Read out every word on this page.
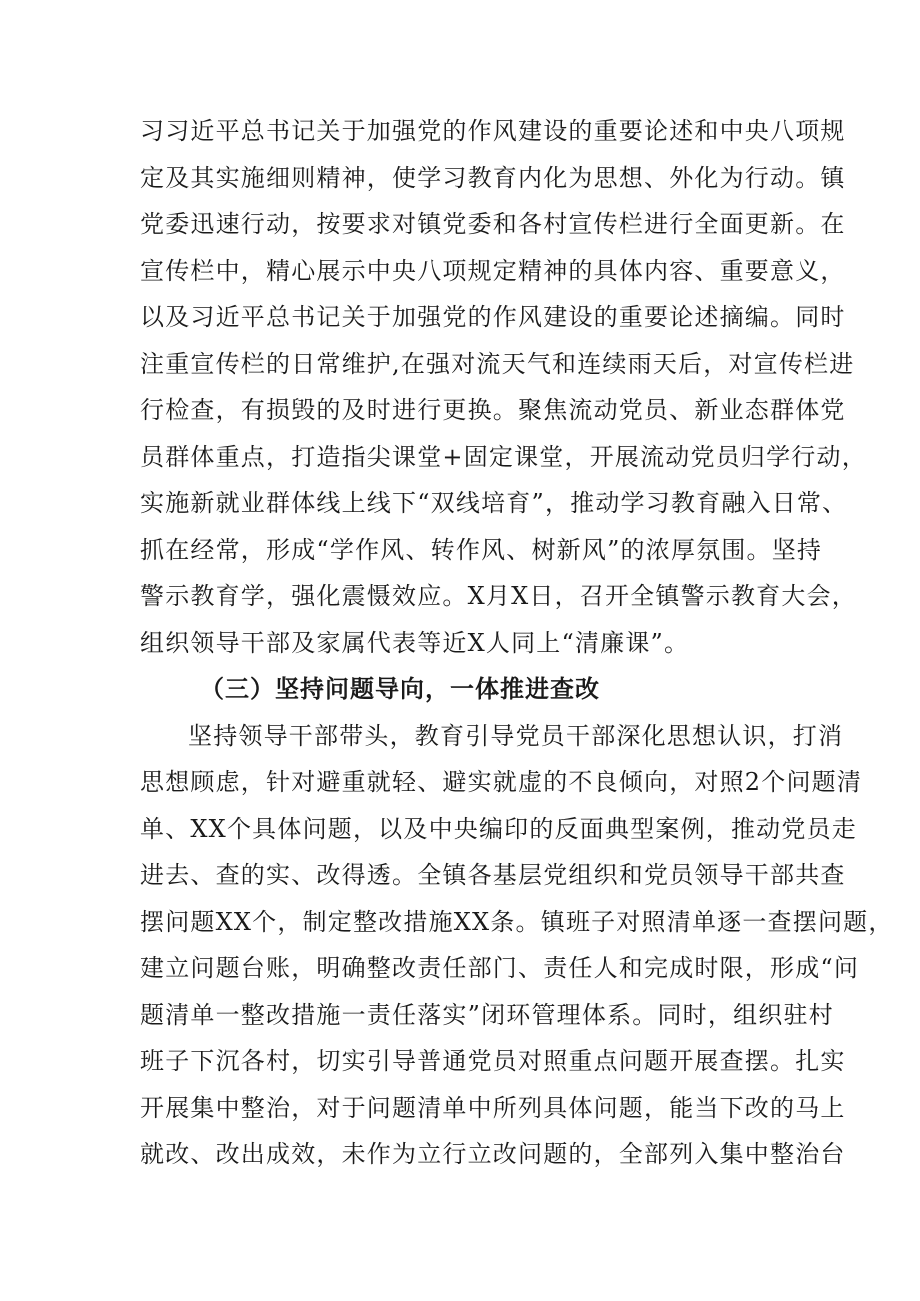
习习近平总书记关于加强党的作风建设的重要论述和中央八项规
定及其实施细则精神，使学习教育内化为思想、外化为行动。镇
党委迅速行动，按要求对镇党委和各村宣传栏进行全面更新。在
宣传栏中，精心展示中央八项规定精神的具体内容、重要意义，
以及习近平总书记关于加强党的作风建设的重要论述摘编。同时
注重宣传栏的日常维护,在强对流天气和连续雨天后，对宣传栏进
行检查，有损毁的及时进行更换。聚焦流动党员、新业态群体党
员群体重点，打造指尖课堂+固定课堂，开展流动党员归学行动，
实施新就业群体线上线下“双线培育”，推动学习教育融入日常、
抓在经常，形成“学作风、转作风、树新风”的浓厚氛围。坚持
警示教育学，强化震慑效应。X月X日，召开全镇警示教育大会，
组织领导干部及家属代表等近X人同上“清廉课”。
（三）坚持问题导向，一体推进查改
坚持领导干部带头，教育引导党员干部深化思想认识，打消
思想顾虑，针对避重就轻、避实就虚的不良倾向，对照2个问题清
单、XX个具体问题，以及中央编印的反面典型案例，推动党员走
进去、查的实、改得透。全镇各基层党组织和党员领导干部共查
摆问题XX个，制定整改措施XX条。镇班子对照清单逐一查摆问题，
建立问题台账，明确整改责任部门、责任人和完成时限，形成“问
题清单一整改措施一责任落实”闭环管理体系。同时，组织驻村
班子下沉各村，切实引导普通党员对照重点问题开展查摆。扎实
开展集中整治，对于问题清单中所列具体问题，能当下改的马上
就改、改出成效，未作为立行立改问题的，全部列入集中整治台
